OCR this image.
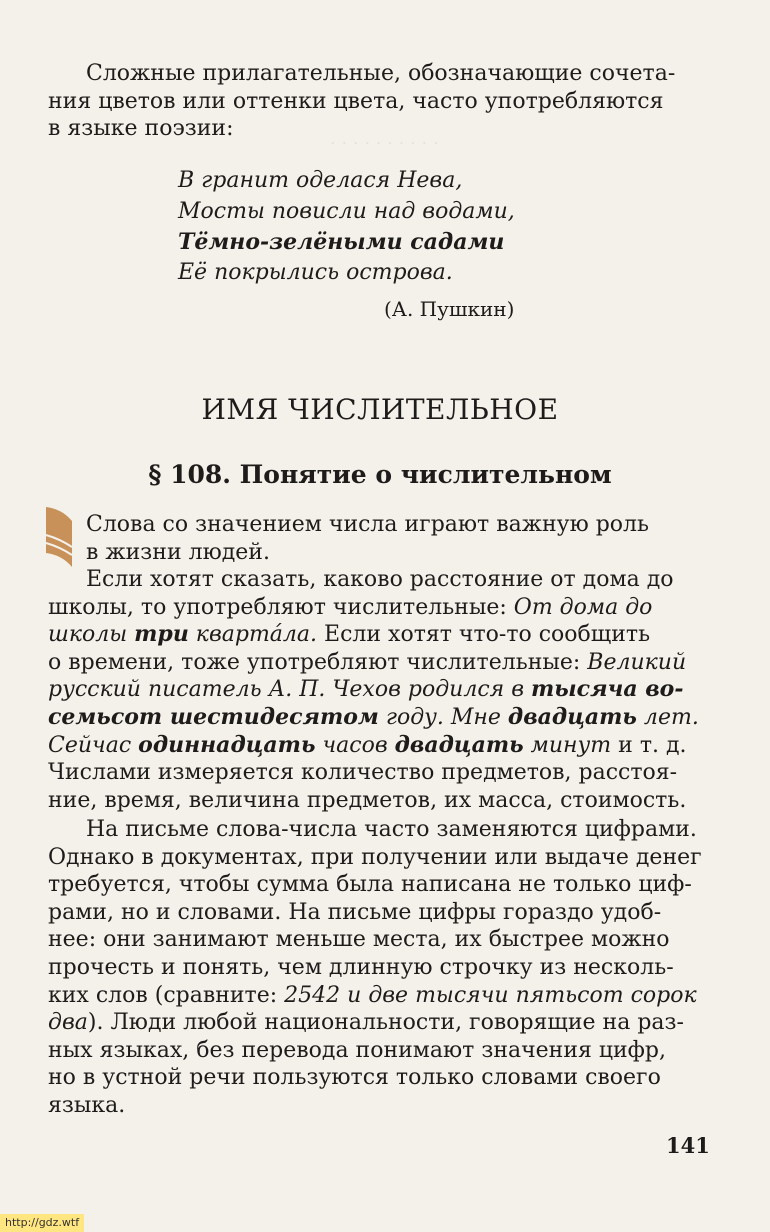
. . . . . . . . . .

Сложные прилагательные, обозначающие сочета-
ния цветов или оттенки цвета, часто употребляются
в языке поэзии:

В гранит оделася Нева,
Мосты повисли над водами,
Тёмно-зелёными садами
Её покрылись острова.
(А. Пушкин)
ИМЯ ЧИСЛИТЕЛЬНОЕ
§ 108. Понятие о числительном

Слова со значением числа играют важную роль
в жизни людей.

Если хотят сказать, каково расстояние от дома до
школы, то употребляют числительные: От дома до
школы три квартáла. Если хотят что-то сообщить
о времени, тоже употребляют числительные: Великий
русский писатель А. П. Чехов родился в тысяча во-
семьсот шестидесятом году. Мне двадцать лет.
Сейчас одиннадцать часов двадцать минут и т. д.
Числами измеряется количество предметов, расстоя-
ние, время, величина предметов, их масса, стоимость.

На письме слова-числа часто заменяются цифрами.
Однако в документах, при получении или выдаче денег
требуется, чтобы сумма была написана не только циф-
рами, но и словами. На письме цифры гораздо удоб-
нее: они занимают меньше места, их быстрее можно
прочесть и понять, чем длинную строчку из несколь-
ких слов (сравните: 2542 и две тысячи пятьсот сорок
два). Люди любой национальности, говорящие на раз-
ных языках, без перевода понимают значения цифр,
но в устной речи пользуются только словами своего
языка.

141
http://gdz.wtf
